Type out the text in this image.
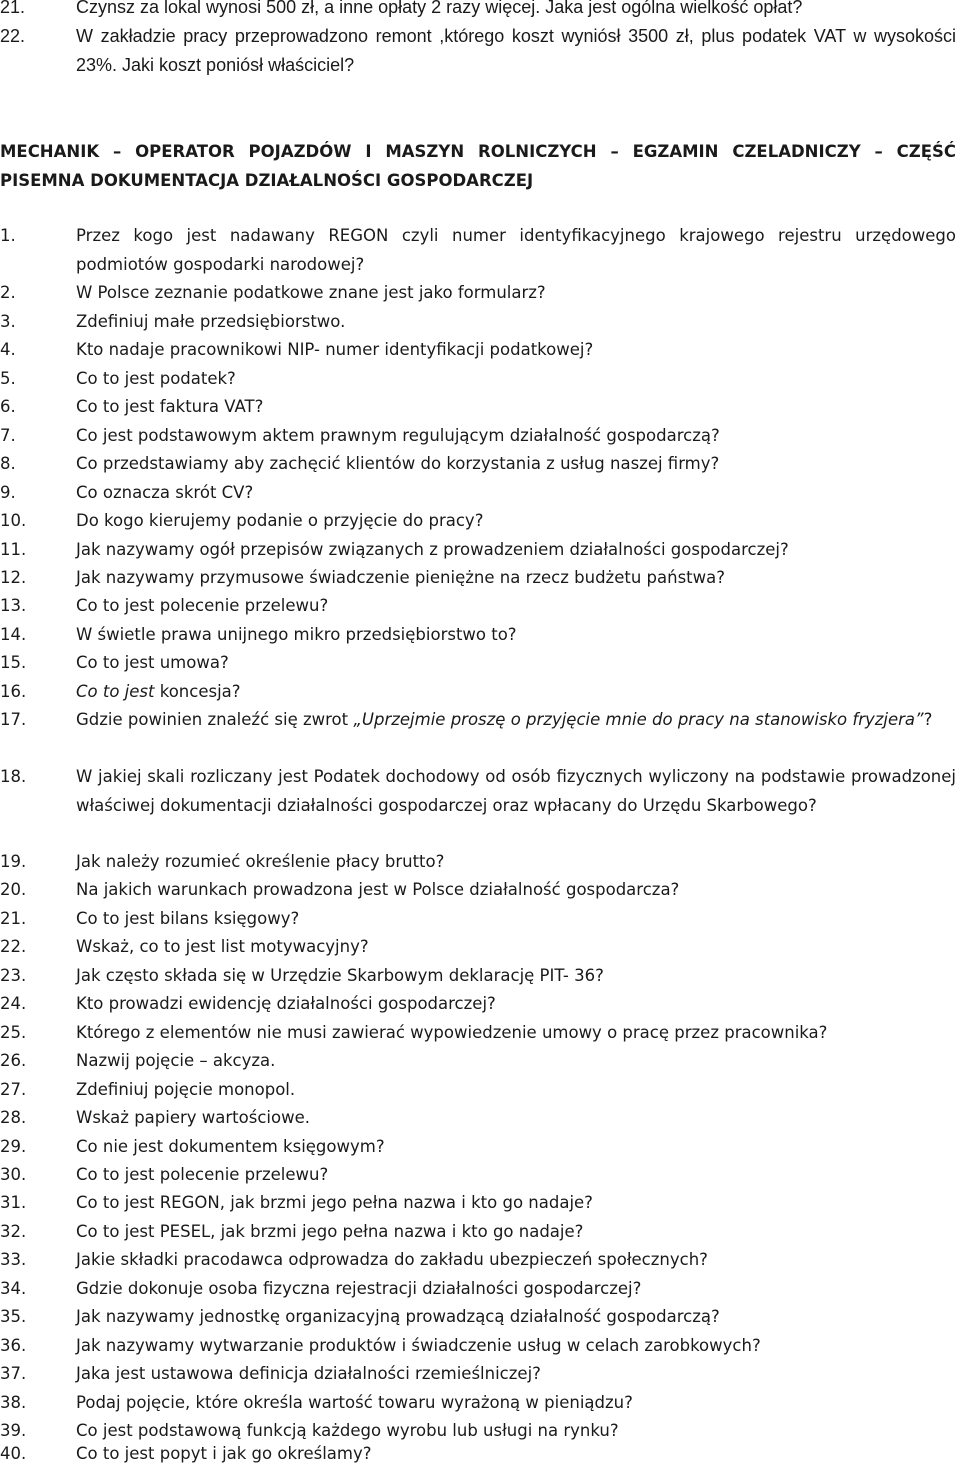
21.	Czynsz za lokal wynosi 500 zł, a inne opłaty 2 razy więcej. Jaka jest ogólna wielkość opłat?
22.	W zakładzie pracy przeprowadzono remont ,którego koszt wyniósł 3500 zł, plus podatek VAT w wysokości 23%. Jaki koszt poniósł właściciel?
MECHANIK – OPERATOR POJAZDÓW I MASZYN ROLNICZYCH – EGZAMIN CZELADNICZY – CZĘŚĆ PISEMNA DOKUMENTACJA DZIAŁALNOŚCI GOSPODARCZEJ
1.	Przez kogo jest nadawany REGON czyli numer identyfikacyjnego krajowego rejestru urzędowego podmiotów gospodarki narodowej?
2.	W Polsce zeznanie podatkowe znane jest jako formularz?
3.	Zdefiniuj małe przedsiębiorstwo.
4.	Kto nadaje pracownikowi NIP- numer identyfikacji podatkowej?
5.	Co to jest podatek?
6.	Co to jest faktura VAT?
7.	Co jest podstawowym aktem prawnym regulującym działalność gospodarczą?
8.	Co przedstawiamy aby zachęcić klientów do korzystania z usług naszej firmy?
9.	Co oznacza skrót CV?
10.	Do kogo kierujemy podanie o przyjęcie do pracy?
11.	Jak nazywamy ogół przepisów związanych z prowadzeniem działalności gospodarczej?
12.	Jak nazywamy przymusowe świadczenie pieniężne na rzecz budżetu państwa?
13.	Co to jest polecenie przelewu?
14.	W świetle prawa unijnego mikro przedsiębiorstwo to?
15.	Co to jest umowa?
16.	Co to jest koncesja?
17.	Gdzie powinien znaleźć się zwrot „Uprzejmie proszę o przyjęcie mnie do pracy na stanowisko fryzjera”?
18.	W jakiej skali rozliczany jest Podatek dochodowy od osób fizycznych wyliczony na podstawie prowadzonej właściwej dokumentacji działalności gospodarczej oraz wpłacany do Urzędu Skarbowego?
19.	Jak należy rozumieć określenie płacy brutto?
20.	Na jakich warunkach prowadzona jest w Polsce działalność gospodarcza?
21.	Co to jest bilans księgowy?
22.	Wskaż, co to jest list motywacyjny?
23.	Jak często składa się w Urzędzie Skarbowym deklarację PIT- 36?
24.	Kto prowadzi ewidencję działalności gospodarczej?
25.	Którego z elementów nie musi zawierać wypowiedzenie umowy o pracę przez pracownika?
26.	Nazwij pojęcie – akcyza.
27.	Zdefiniuj pojęcie monopol.
28.	Wskaż papiery wartościowe.
29.	Co nie jest dokumentem księgowym?
30.	Co to jest polecenie przelewu?
31.	Co to jest REGON, jak brzmi jego pełna nazwa i kto go nadaje?
32.	Co to jest PESEL, jak brzmi jego pełna nazwa i kto go nadaje?
33.	Jakie składki pracodawca odprowadza do zakładu ubezpieczeń społecznych?
34.	Gdzie dokonuje osoba fizyczna rejestracji działalności gospodarczej?
35.	Jak nazywamy jednostkę organizacyjną prowadzącą działalność gospodarczą?
36.	Jak nazywamy wytwarzanie produktów i świadczenie usług w celach zarobkowych?
37.	Jaka jest ustawowa definicja działalności rzemieślniczej?
38.	Podaj pojęcie, które określa wartość towaru wyrażoną w pieniądzu?
39.	Co jest podstawową funkcją każdego wyrobu lub usługi na rynku?
40.	Co to jest popyt i jak go określamy?
